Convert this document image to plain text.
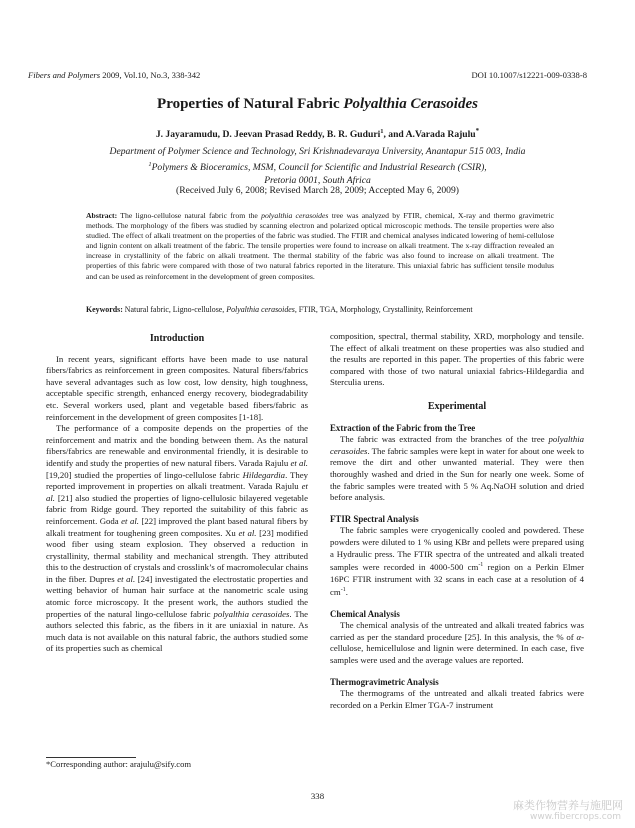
Fibers and Polymers 2009, Vol.10, No.3, 338-342	DOI 10.1007/s12221-009-0338-8
Properties of Natural Fabric Polyalthia Cerasoides
J. Jayaramudu, D. Jeevan Prasad Reddy, B. R. Guduri$^1$, and A.Varada Rajulu*
Department of Polymer Science and Technology, Sri Krishnadevaraya University, Anantapur 515 003, India
$^1$Polymers & Bioceramics, MSM, Council for Scientific and Industrial Research (CSIR),
Pretoria 0001, South Africa
(Received July 6, 2008; Revised March 28, 2009; Accepted May 6, 2009)
Abstract: The ligno-cellulose natural fabric from the polyalthia cerasoides tree was analyzed by FTIR, chemical, X-ray and thermo gravimetric methods. The morphology of the fibers was studied by scanning electron and polarized optical microscopic methods. The tensile properties were also studied. The effect of alkali treatment on the properties of the fabric was studied. The FTIR and chemical analyses indicated lowering of hemi-cellulose and lignin content on alkali treatment of the fabric. The tensile properties were found to increase on alkali treatment. The x-ray diffraction revealed an increase in crystallinity of the fabric on alkali treatment. The thermal stability of the fabric was also found to increase on alkali treatment. The properties of this fabric were compared with those of two natural fabrics reported in the literature. This uniaxial fabric has sufficient tensile modulus and can be used as reinforcement in the development of green composites.
Keywords: Natural fabric, Ligno-cellulose, Polyalthia cerasoides, FTIR, TGA, Morphology, Crystallinity, Reinforcement
Introduction

In recent years, significant efforts have been made to use natural fibers/fabrics as reinforcement in green composites. Natural fibers/fabrics have several advantages such as low cost, low density, high toughness, acceptable specific strength, enhanced energy recovery, biodegradability etc. Several workers used, plant and vegetable based fibers/fabric as reinforcement in the development of green composites [1-18].

The performance of a composite depends on the properties of the reinforcement and matrix and the bonding between them. As the natural fibers/fabrics are renewable and environmental friendly, it is desirable to identify and study the properties of new natural fibers. Varada Rajulu et al. [19,20] studied the properties of lingo-cellulose fabric Hildegardia. They reported improvement in properties on alkali treatment. Varada Rajulu et al. [21] also studied the properties of ligno-cellulosic bilayered vegetable fabric from Ridge gourd. They reported the suitability of this fabric as reinforcement. Goda et al. [22] improved the plant based natural fibers by alkali treatment for toughening green composites. Xu et al. [23] modified wood fiber using steam explosion. They observed a reduction in crystallinity, thermal stability and mechanical strength. They attributed this to the destruction of crystals and crosslink’s of macromolecular chains in the fiber. Dupres et al. [24] investigated the electrostatic properties and wetting behavior of human hair surface at the nanometric scale using atomic force microscopy. It the present work, the authors studied the properties of the natural lingo-cellulose fabric polyalthia cerasoides. The authors selected this fabric, as the fibers in it are uniaxial in nature. As much data is not available on this natural fabric, the authors studied some of its properties such as chemical

composition, spectral, thermal stability, XRD, morphology and tensile. The effect of alkali treatment on these properties was also studied and the results are reported in this paper. The properties of this fabric were compared with those of two natural uniaxial fabrics-Hildegardia and Sterculia urens.

Experimental
Extraction of the Fabric from the Tree

The fabric was extracted from the branches of the tree polyalthia cerasoides. The fabric samples were kept in water for about one week to remove the dirt and other unwanted material. They were then thoroughly washed and dried in the Sun for nearly one week. Some of the fabric samples were treated with 5 % Aq.NaOH solution and dried before analysis.

FTIR Spectral Analysis

The fabric samples were cryogenically cooled and powdered. These powders were diluted to 1 % using KBr and pellets were prepared using a Hydraulic press. The FTIR spectra of the untreated and alkali treated samples were recorded in 4000-500 $cm^{-1}$ region on a Perkin Elmer 16PC FTIR instrument with 32 scans in each case at a resolution of 4 $cm^{-1}$.

Chemical Analysis

The chemical analysis of the untreated and alkali treated fabrics was carried as per the standard procedure [25]. In this analysis, the % of α-cellulose, hemicellulose and lignin were determined. In each case, five samples were used and the average values are reported.

Thermogravimetric Analysis

The thermograms of the untreated and alkali treated fabrics were recorded on a Perkin Elmer TGA-7 instrument

*Corresponding author: arajulu@sify.com
338
麻类作物营养与施肥网
www.fibercrops.com
